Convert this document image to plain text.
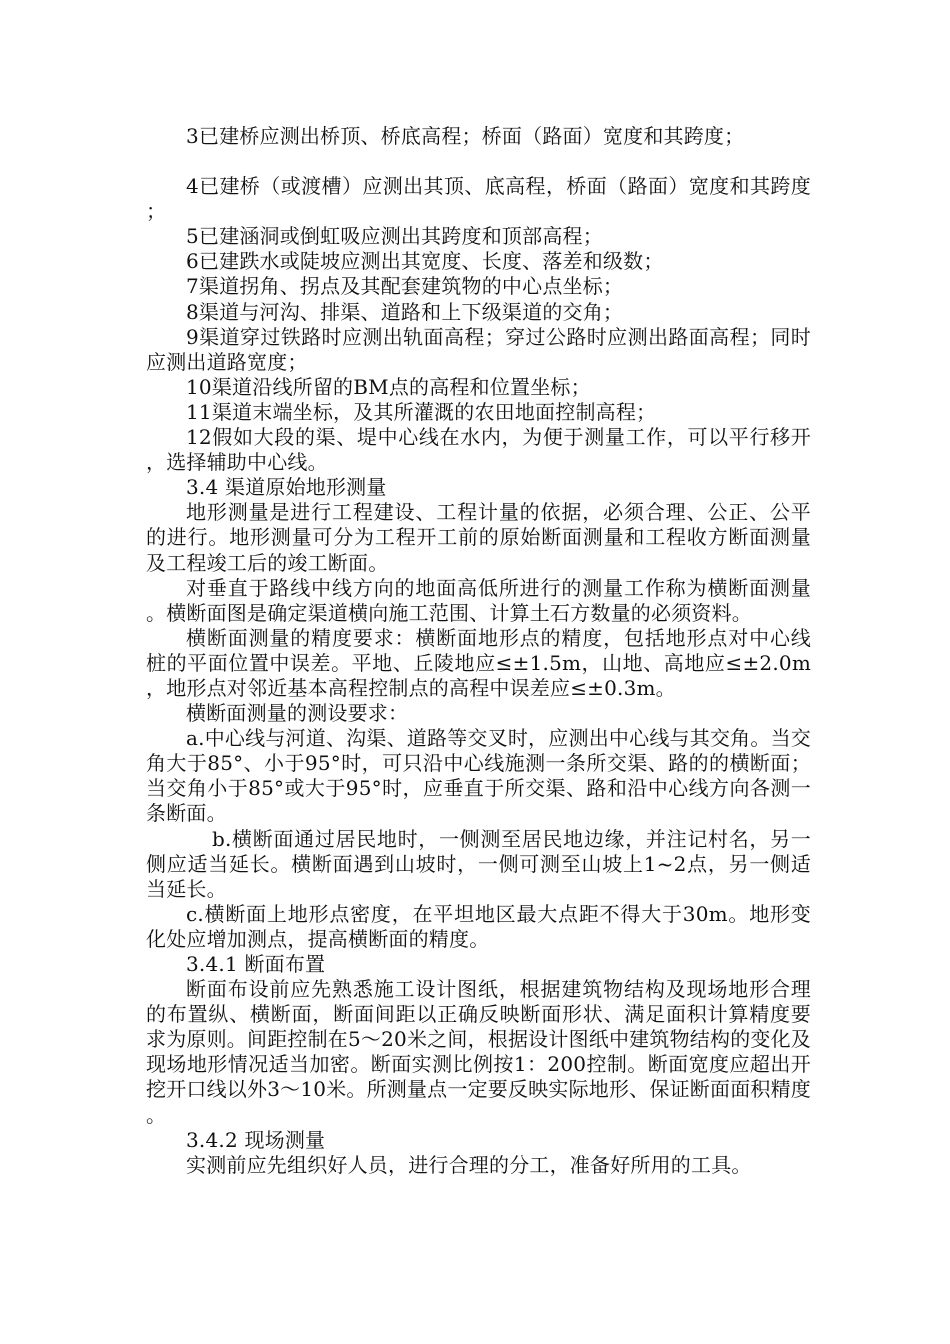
3已建桥应测出桥顶、桥底高程；桥面（路面）宽度和其跨度；

4已建桥（或渡槽）应测出其顶、底高程，桥面（路面）宽度和其跨度；

5已建涵洞或倒虹吸应测出其跨度和顶部高程；

6已建跌水或陡坡应测出其宽度、长度、落差和级数；

7渠道拐角、拐点及其配套建筑物的中心点坐标；

8渠道与河沟、排渠、道路和上下级渠道的交角；

9渠道穿过铁路时应测出轨面高程；穿过公路时应测出路面高程；同时应测出道路宽度；

10渠道沿线所留的BM点的高程和位置坐标；

11渠道末端坐标，及其所灌溉的农田地面控制高程；

12假如大段的渠、堤中心线在水内，为便于测量工作，可以平行移开，选择辅助中心线。

3.4 渠道原始地形测量

地形测量是进行工程建设、工程计量的依据，必须合理、公正、公平的进行。地形测量可分为工程开工前的原始断面测量和工程收方断面测量及工程竣工后的竣工断面。

对垂直于路线中线方向的地面高低所进行的测量工作称为横断面测量。横断面图是确定渠道横向施工范围、计算土石方数量的必须资料。

横断面测量的精度要求：横断面地形点的精度，包括地形点对中心线桩的平面位置中误差。平地、丘陵地应≤±1.5m，山地、高地应≤±2.0m，地形点对邻近基本高程控制点的高程中误差应≤±0.3m。

横断面测量的测设要求：

a.中心线与河道、沟渠、道路等交叉时，应测出中心线与其交角。当交角大于85°、小于95°时，可只沿中心线施测一条所交渠、路的的横断面；当交角小于85°或大于95°时，应垂直于所交渠、路和沿中心线方向各测一条断面。

b.横断面通过居民地时，一侧测至居民地边缘，并注记村名，另一侧应适当延长。横断面遇到山坡时，一侧可测至山坡上1~2点，另一侧适当延长。

c.横断面上地形点密度，在平坦地区最大点距不得大于30m。地形变化处应增加测点，提高横断面的精度。

3.4.1 断面布置

断面布设前应先熟悉施工设计图纸，根据建筑物结构及现场地形合理的布置纵、横断面，断面间距以正确反映断面形状、满足面积计算精度要求为原则。间距控制在5～20米之间，根据设计图纸中建筑物结构的变化及现场地形情况适当加密。断面实测比例按1：200控制。断面宽度应超出开挖开口线以外3～10米。所测量点一定要反映实际地形、保证断面面积精度。

3.4.2 现场测量

实测前应先组织好人员，进行合理的分工，准备好所用的工具。
